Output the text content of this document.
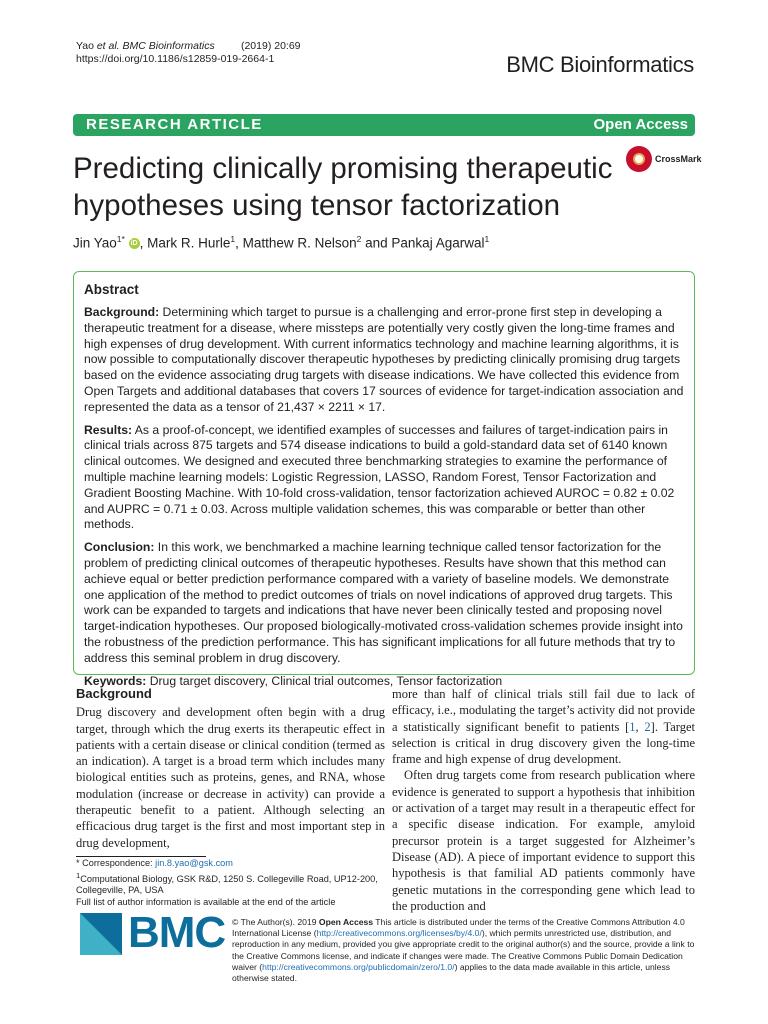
Yao et al. BMC Bioinformatics	(2019) 20:69
https://doi.org/10.1186/s12859-019-2664-1	BMC Bioinformatics
RESEARCH ARTICLE	Open Access
Predicting clinically promising therapeutic hypotheses using tensor factorization
CrossMark
Jin Yao$^{1*}$ iD , Mark R. Hurle$^1$, Matthew R. Nelson$^2$ and Pankaj Agarwal$^1$
Abstract

Background: Determining which target to pursue is a challenging and error-prone first step in developing a therapeutic treatment for a disease, where missteps are potentially very costly given the long-time frames and high expenses of drug development. With current informatics technology and machine learning algorithms, it is now possible to computationally discover therapeutic hypotheses by predicting clinically promising drug targets based on the evidence associating drug targets with disease indications. We have collected this evidence from Open Targets and additional databases that covers 17 sources of evidence for target-indication association and represented the data as a tensor of 21,437 × 2211 × 17.

Results: As a proof-of-concept, we identified examples of successes and failures of target-indication pairs in clinical trials across 875 targets and 574 disease indications to build a gold-standard data set of 6140 known clinical outcomes. We designed and executed three benchmarking strategies to examine the performance of multiple machine learning models: Logistic Regression, LASSO, Random Forest, Tensor Factorization and Gradient Boosting Machine. With 10-fold cross-validation, tensor factorization achieved AUROC = 0.82 ± 0.02 and AUPRC = 0.71 ± 0.03. Across multiple validation schemes, this was comparable or better than other methods.

Conclusion: In this work, we benchmarked a machine learning technique called tensor factorization for the problem of predicting clinical outcomes of therapeutic hypotheses. Results have shown that this method can achieve equal or better prediction performance compared with a variety of baseline models. We demonstrate one application of the method to predict outcomes of trials on novel indications of approved drug targets. This work can be expanded to targets and indications that have never been clinically tested and proposing novel target-indication hypotheses. Our proposed biologically-motivated cross-validation schemes provide insight into the robustness of the prediction performance. This has significant implications for all future methods that try to address this seminal problem in drug discovery.

Keywords: Drug target discovery, Clinical trial outcomes, Tensor factorization

Background

Drug discovery and development often begin with a drug target, through which the drug exerts its therapeutic effect in patients with a certain disease or clinical condition (termed as an indication). A target is a broad term which includes many biological entities such as proteins, genes, and RNA, whose modulation (increase or decrease in activity) can provide a therapeutic benefit to a patient. Although selecting an efficacious drug target is the first and most important step in drug development,

more than half of clinical trials still fail due to lack of efficacy, i.e., modulating the target’s activity did not provide a statistically significant benefit to patients [1, 2]. Target selection is critical in drug discovery given the long-time frame and high expense of drug development.

Often drug targets come from research publication where evidence is generated to support a hypothesis that inhibition or activation of a target may result in a therapeutic effect for a specific disease indication. For example, amyloid precursor protein is a target suggested for Alzheimer’s Disease (AD). A piece of important evidence to support this hypothesis is that familial AD patients commonly have genetic mutations in the corresponding gene which lead to the production and

* Correspondence: jin.8.yao@gsk.com
$^1$Computational Biology, GSK R&D, 1250 S. Collegeville Road, UP12-200, Collegeville, PA, USA
Full list of author information is available at the end of the article
BMC © The Author(s). 2019 Open Access This article is distributed under the terms of the Creative Commons Attribution 4.0 International License (http://creativecommons.org/licenses/by/4.0/), which permits unrestricted use, distribution, and reproduction in any medium, provided you give appropriate credit to the original author(s) and the source, provide a link to the Creative Commons license, and indicate if changes were made. The Creative Commons Public Domain Dedication waiver (http://creativecommons.org/publicdomain/zero/1.0/) applies to the data made available in this article, unless otherwise stated.
